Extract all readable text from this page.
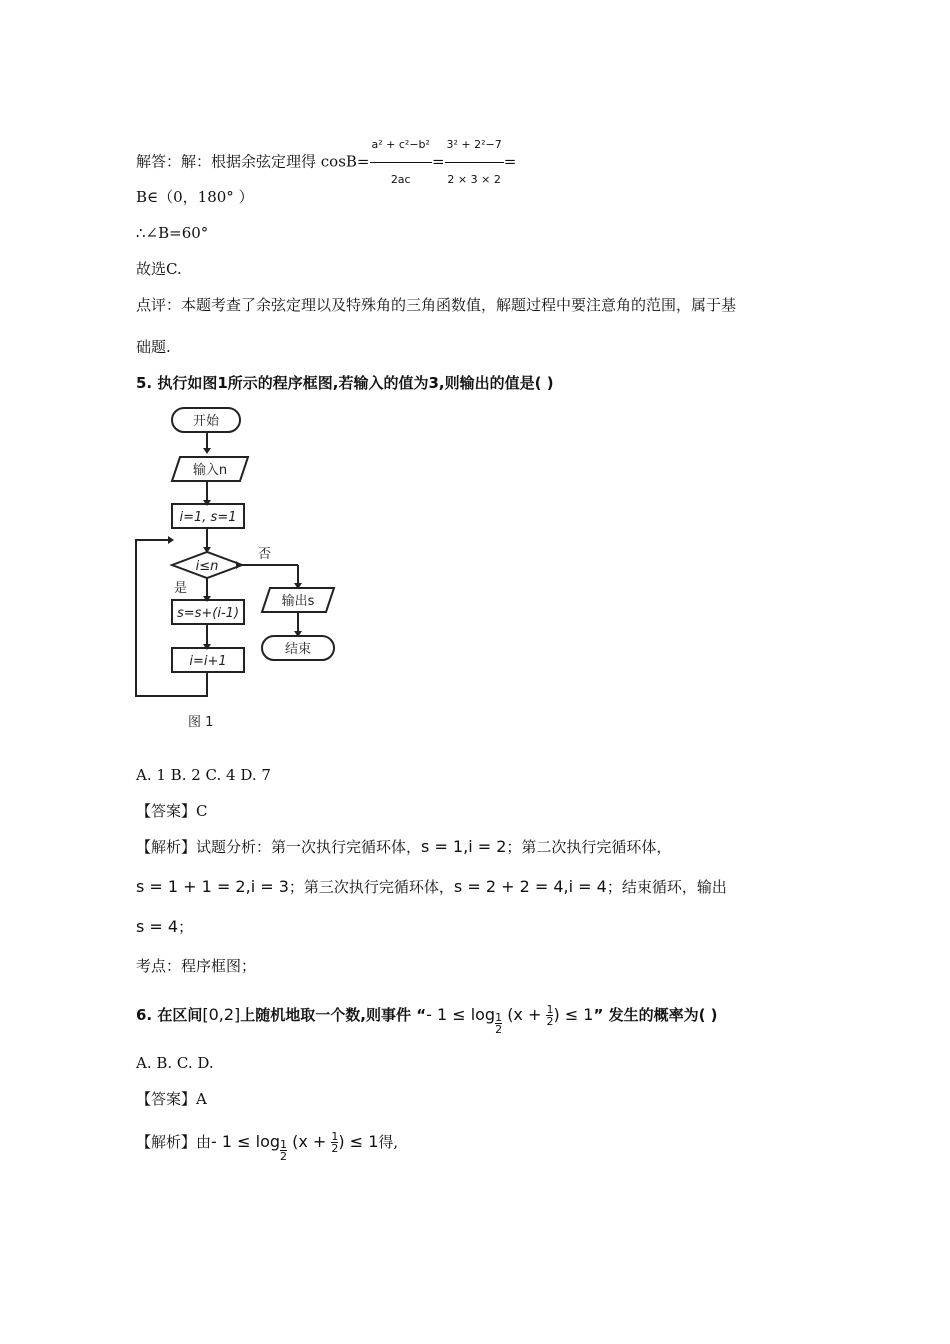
解答：解：根据余弦定理得 $\cos B= \frac{\text{a² + c²−b²}}{2ac} = \frac{\text{3² + 2²−7}}{2 \times 3 \times 2}$ =
B∈（0，180° ）
∴∠B=60°
故选C.
点评：本题考查了余弦定理以及特殊角的三角函数值，解题过程中要注意角的范围，属于基
础题.
5. 执行如图1所示的程序框图,若输入的值为3,则输出的值是( )
开始
输入n
i=1, s=1
i≤n
否
是
s=s+(i-1)
i=i+1
输出s
结束
图 1
A. 1 B. 2 C. 4 D. 7
【答案】C
【解析】试题分析：第一次执行完循环体，s = 1,i = 2；第二次执行完循环体，
s = 1 + 1 = 2,i = 3；第三次执行完循环体，s = 2 + 2 = 4,i = 4；结束循环，输出
s = 4；
考点：程序框图；
6. 在区间[0,2]上随机地取一个数,则事件 “- $1 \le \log \frac{1}{2} (x + \frac{1}{2}) \le 1$” 发生的概率为( )
A. B. C. D.
【答案】A
【解析】由- $1 \le \log \frac{1}{2} (x + \frac{1}{2}) \le 1$得,
